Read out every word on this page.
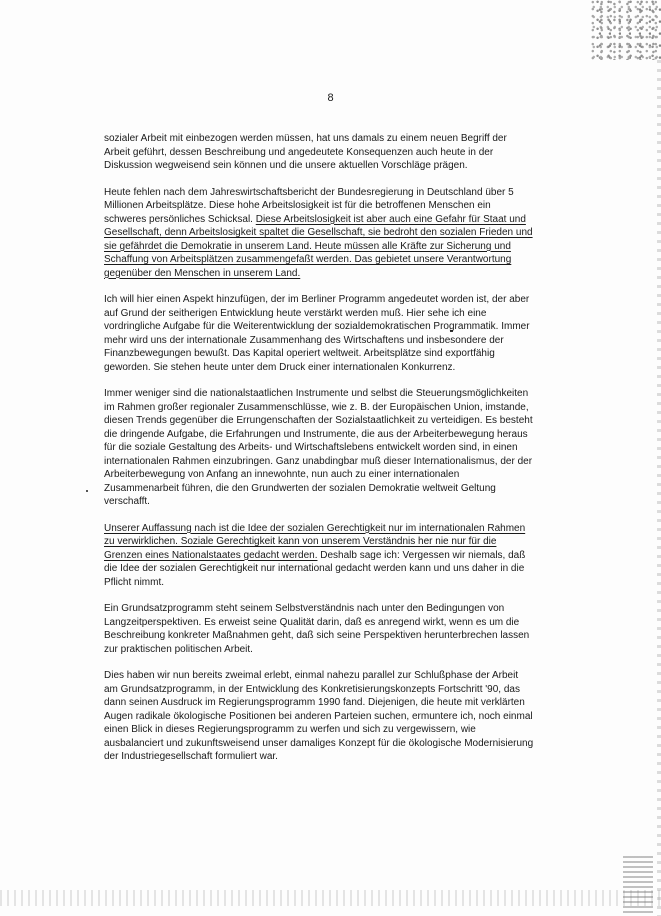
8

sozialer Arbeit mit einbezogen werden müssen, hat uns damals zu einem neuen Begriff der Arbeit geführt, dessen Beschreibung und angedeutete Konsequenzen auch heute in der Diskussion wegweisend sein können und die unsere aktuellen Vorschläge prägen.

Heute fehlen nach dem Jahreswirtschaftsbericht der Bundesregierung in Deutschland über 5 Millionen Arbeitsplätze. Diese hohe Arbeitslosigkeit ist für die betroffenen Menschen ein schweres persönliches Schicksal. Diese Arbeitslosigkeit ist aber auch eine Gefahr für Staat und Gesellschaft, denn Arbeitslosigkeit spaltet die Gesellschaft, sie bedroht den sozialen Frieden und sie gefährdet die Demokratie in unserem Land. Heute müssen alle Kräfte zur Sicherung und Schaffung von Arbeitsplätzen zusammengefaßt werden. Das gebietet unsere Verantwortung gegenüber den Menschen in unserem Land.

Ich will hier einen Aspekt hinzufügen, der im Berliner Programm angedeutet worden ist, der aber auf Grund der seitherigen Entwicklung heute verstärkt werden muß. Hier sehe ich eine vordringliche Aufgabe für die Weiterentwicklung der sozialdemokratischen Programmatik. Immer mehr wird uns der internationale Zusammenhang des Wirtschaftens und insbesondere der Finanzbewegungen bewußt. Das Kapital operiert weltweit. Arbeitsplätze sind exportfähig geworden. Sie stehen heute unter dem Druck einer internationalen Konkurrenz.

Immer weniger sind die nationalstaatlichen Instrumente und selbst die Steuerungsmöglichkeiten im Rahmen großer regionaler Zusammenschlüsse, wie z. B. der Europäischen Union, imstande, diesen Trends gegenüber die Errungenschaften der Sozialstaatlichkeit zu verteidigen. Es besteht die dringende Aufgabe, die Erfahrungen und Instrumente, die aus der Arbeiterbewegung heraus für die soziale Gestaltung des Arbeits- und Wirtschaftslebens entwickelt worden sind, in einen internationalen Rahmen einzubringen. Ganz unabdingbar muß dieser Internationalismus, der der Arbeiterbewegung von Anfang an innewohnte, nun auch zu einer internationalen Zusammenarbeit führen, die den Grundwerten der sozialen Demokratie weltweit Geltung verschafft.

Unserer Auffassung nach ist die Idee der sozialen Gerechtigkeit nur im internationalen Rahmen zu verwirklichen. Soziale Gerechtigkeit kann von unserem Verständnis her nie nur für die Grenzen eines Nationalstaates gedacht werden. Deshalb sage ich: Vergessen wir niemals, daß die Idee der sozialen Gerechtigkeit nur international gedacht werden kann und uns daher in die Pflicht nimmt.

Ein Grundsatzprogramm steht seinem Selbstverständnis nach unter den Bedingungen von Langzeitperspektiven. Es erweist seine Qualität darin, daß es anregend wirkt, wenn es um die Beschreibung konkreter Maßnahmen geht, daß sich seine Perspektiven herunterbrechen lassen zur praktischen politischen Arbeit.

Dies haben wir nun bereits zweimal erlebt, einmal nahezu parallel zur Schlußphase der Arbeit am Grundsatzprogramm, in der Entwicklung des Konkretisierungskonzepts Fortschritt '90, das dann seinen Ausdruck im Regierungsprogramm 1990 fand. Diejenigen, die heute mit verklärten Augen radikale ökologische Positionen bei anderen Parteien suchen, ermuntere ich, noch einmal einen Blick in dieses Regierungsprogramm zu werfen und sich zu vergewissern, wie ausbalanciert und zukunftsweisend unser damaliges Konzept für die ökologische Modernisierung der Industriegesellschaft formuliert war.
